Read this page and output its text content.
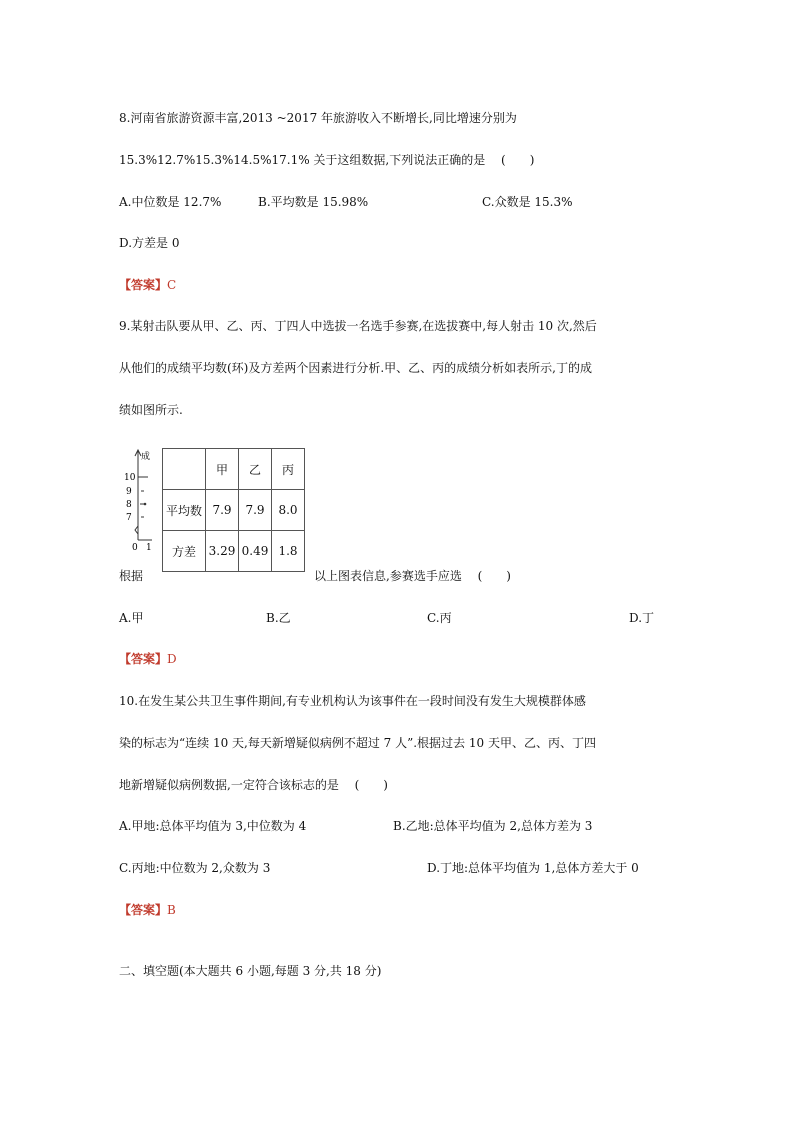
8.河南省旅游资源丰富,2013 ~2017 年旅游收入不断增长,同比增速分别为
15.3%12.7%15.3%14.5%17.1% 关于这组数据,下列说法正确的是　 (　　)
A.中位数是 12.7%	B.平均数是 15.98%	C.众数是 15.3%
D.方差是 0
【答案】C
9.某射击队要从甲、乙、丙、丁四人中选拔一名选手参赛,在选拔赛中,每人射击 10 次,然后
从他们的成绩平均数(环)及方差两个因素进行分析.甲、乙、丙的成绩分析如表所示,丁的成
绩如图所示.
成
10
9
8
7
0 1
	甲	乙	丙
平均数	7.9	7.9	8.0
方差	3.29	0.49	1.8
根据	以上图表信息,参赛选手应选　 (　　)
A.甲	B.乙	C.丙	D.丁
【答案】D
10.在发生某公共卫生事件期间,有专业机构认为该事件在一段时间没有发生大规模群体感
染的标志为“连续 10 天,每天新增疑似病例不超过 7 人”.根据过去 10 天甲、乙、丙、丁四
地新增疑似病例数据,一定符合该标志的是　 (　　)
A.甲地:总体平均值为 3,中位数为 4	B.乙地:总体平均值为 2,总体方差为 3
C.丙地:中位数为 2,众数为 3	D.丁地:总体平均值为 1,总体方差大于 0
【答案】B
二、填空题(本大题共 6 小题,每题 3 分,共 18 分)
